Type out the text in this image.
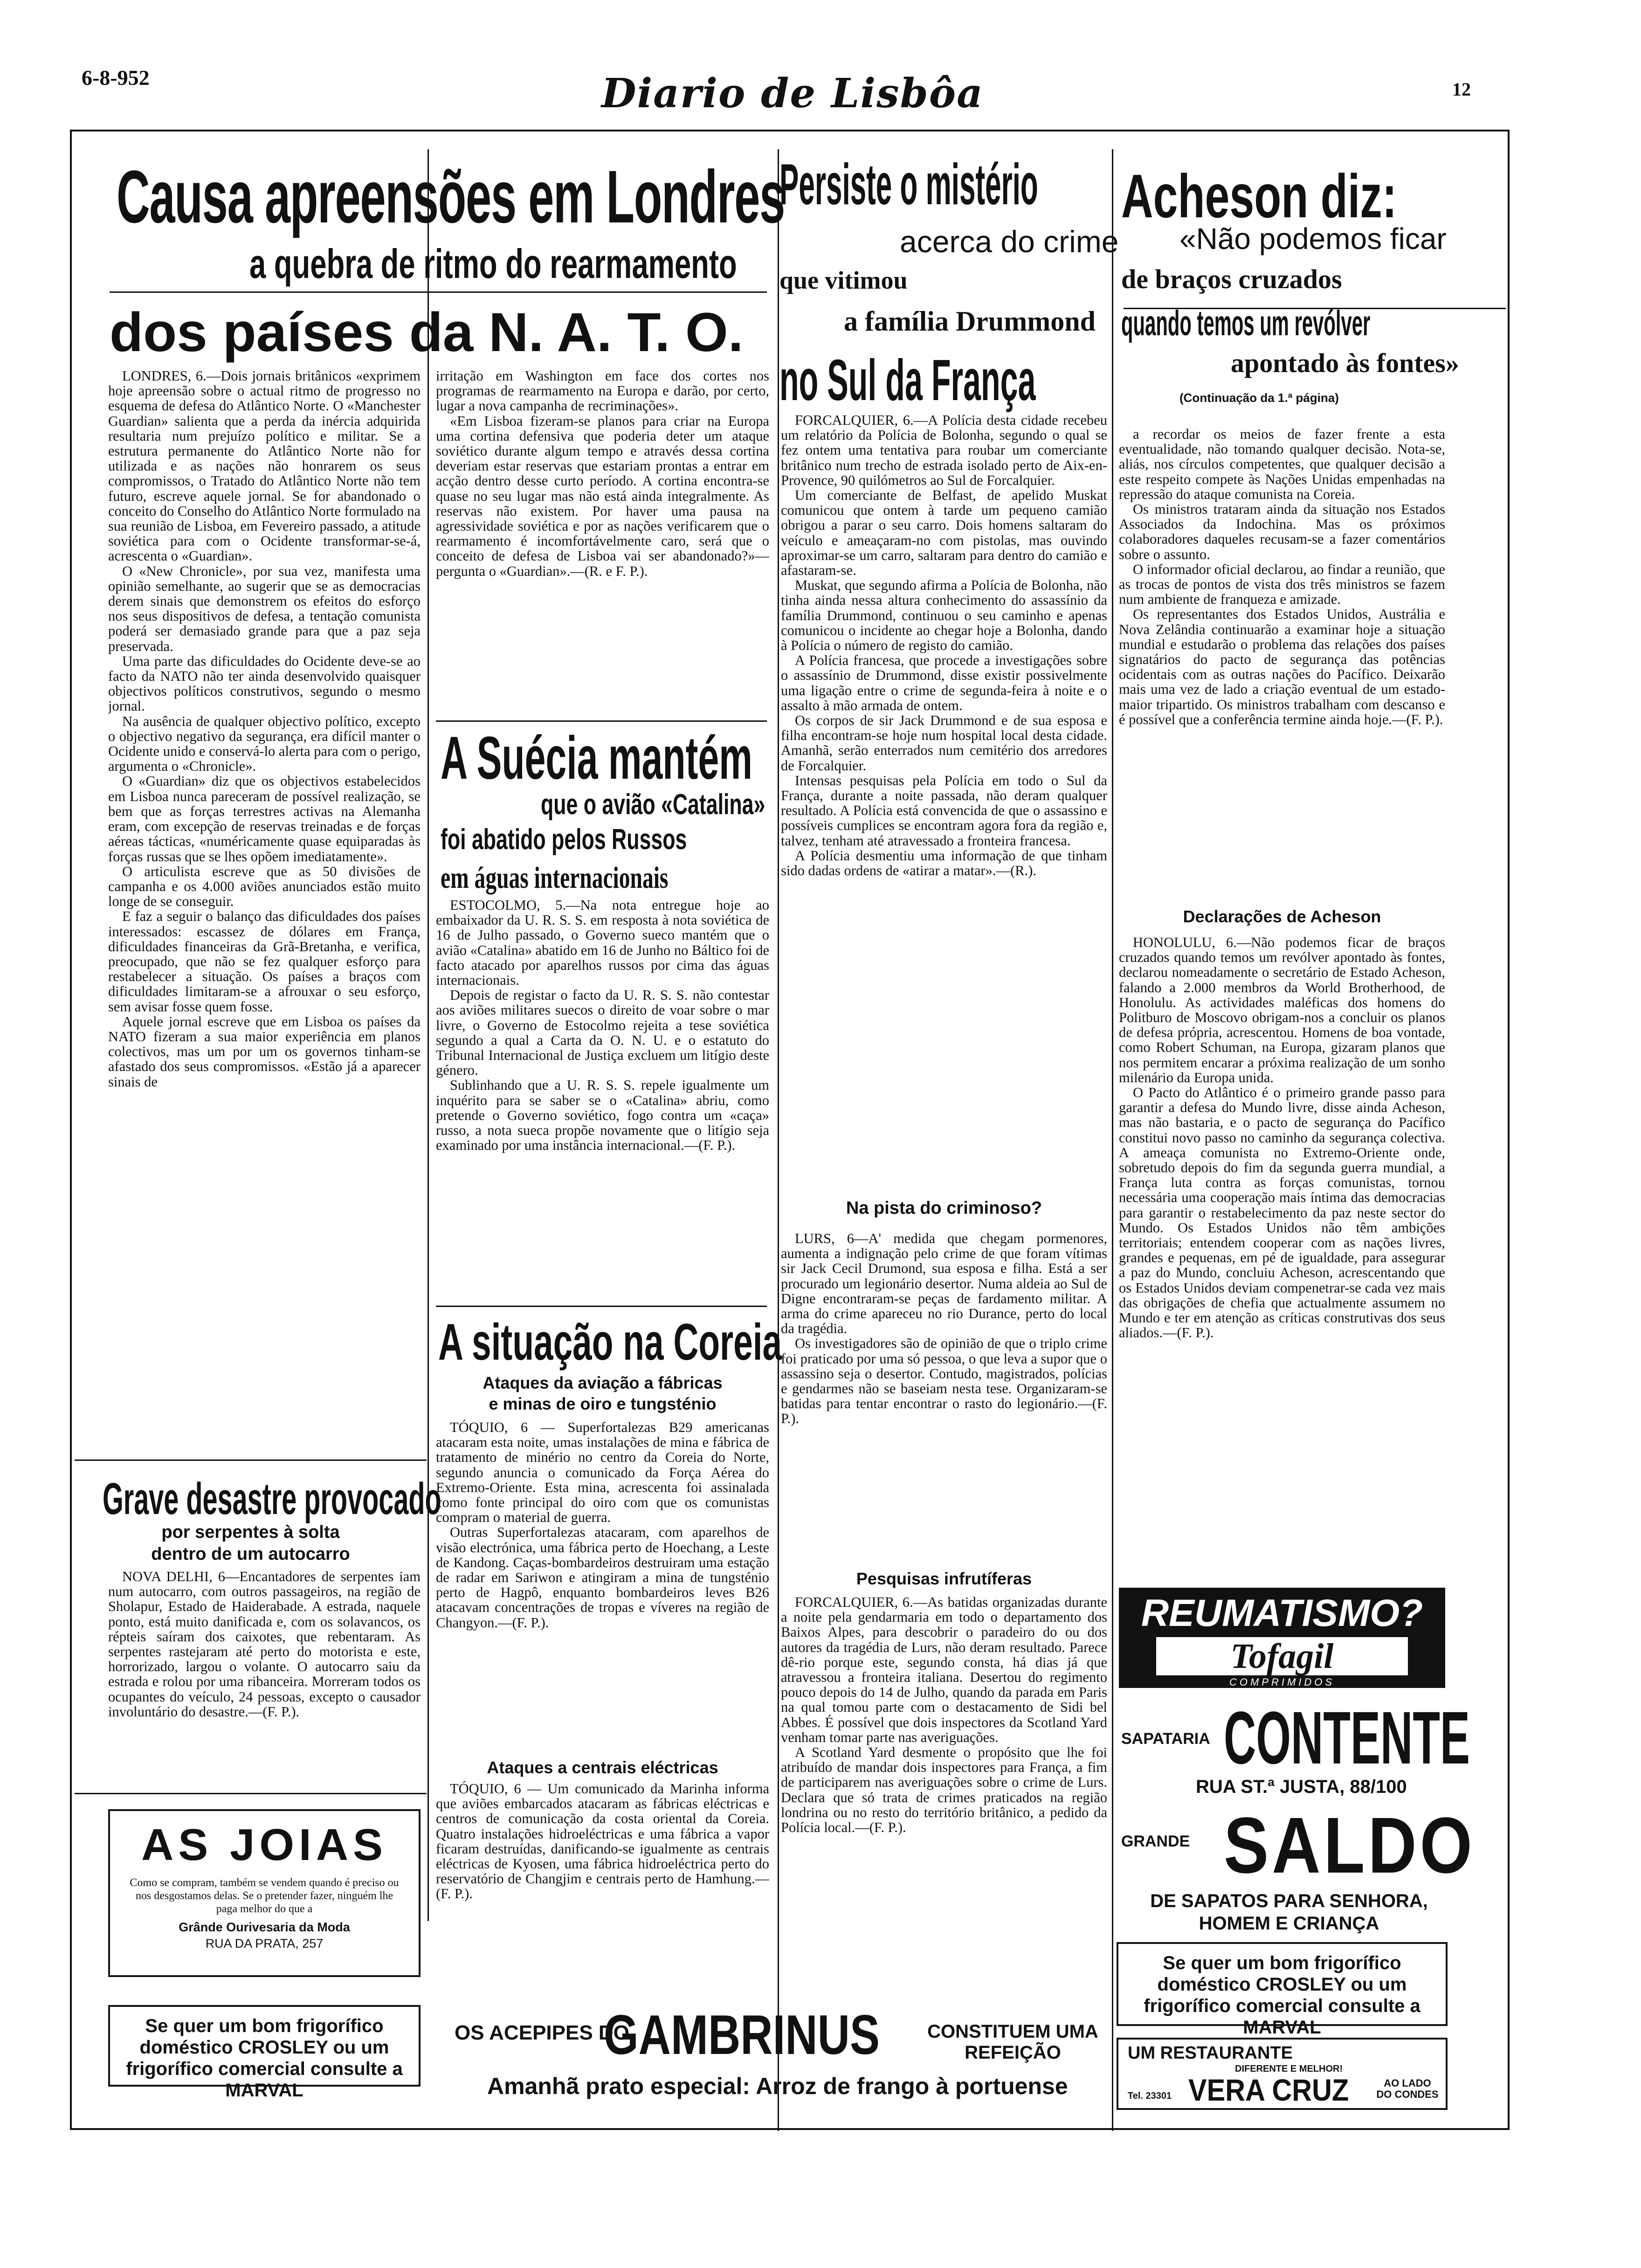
6-8-952	Diario de Lisbôa	12
Causa apreensões em Londres
a quebra de ritmo do rearmamento
dos países da N. A. T. O.

LONDRES, 6.—Dois jornais britânicos «exprimem hoje apreensão sobre o actual ritmo de progresso no esquema de defesa do Atlântico Norte. O «Manchester Guardian» salienta que a perda da inércia adquirida resultaria num prejuízo político e militar. Se a estrutura permanente do Atlântico Norte não for utilizada e as nações não honrarem os seus compromissos, o Tratado do Atlântico Norte não tem futuro, escreve aquele jornal. Se for abandonado o conceito do Conselho do Atlântico Norte formulado na sua reunião de Lisboa, em Fevereiro passado, a atitude soviética para com o Ocidente transformar-se-á, acrescenta o «Guardian».

O «New Chronicle», por sua vez, manifesta uma opinião semelhante, ao sugerir que se as democracias derem sinais que demonstrem os efeitos do esforço nos seus dispositivos de defesa, a tentação comunista poderá ser demasiado grande para que a paz seja preservada.

Uma parte das dificuldades do Ocidente deve-se ao facto da NATO não ter ainda desenvolvido quaisquer objectivos políticos construtivos, segundo o mesmo jornal.

Na ausência de qualquer objectivo político, excepto o objectivo negativo da segurança, era difícil manter o Ocidente unido e conservá-lo alerta para com o perigo, argumenta o «Chronicle».

O «Guardian» diz que os objectivos estabelecidos em Lisboa nunca pareceram de possível realização, se bem que as forças terrestres activas na Alemanha eram, com excepção de reservas treinadas e de forças aéreas tácticas, «numéricamente quase equiparadas às forças russas que se lhes opõem imediatamente».

O articulista escreve que as 50 divisões de campanha e os 4.000 aviões anunciados estão muito longe de se conseguir.

E faz a seguir o balanço das dificuldades dos países interessados: escassez de dólares em França, dificuldades financeiras da Grã-Bretanha, e verifica, preocupado, que não se fez qualquer esforço para restabelecer a situação. Os países a braços com dificuldades limitaram-se a afrouxar o seu esforço, sem avisar fosse quem fosse.

Aquele jornal escreve que em Lisboa os países da NATO fizeram a sua maior experiência em planos colectivos, mas um por um os governos tinham-se afastado dos seus compromissos. «Estão já a aparecer sinais de

irritação em Washington em face dos cortes nos programas de rearmamento na Europa e darão, por certo, lugar a nova campanha de recriminações».

«Em Lisboa fizeram-se planos para criar na Europa uma cortina defensiva que poderia deter um ataque soviético durante algum tempo e através dessa cortina deveriam estar reservas que estariam prontas a entrar em acção dentro desse curto período. A cortina encontra-se quase no seu lugar mas não está ainda integralmente. As reservas não existem. Por haver uma pausa na agressividade soviética e por as nações verificarem que o rearmamento é incomfortávelmente caro, será que o conceito de defesa de Lisboa vai ser abandonado?»—pergunta o «Guardian».—(R. e F. P.).

A Suécia mantém
que o avião «Catalina»
foi abatido pelos Russos
em águas internacionais

ESTOCOLMO, 5.—Na nota entregue hoje ao embaixador da U. R. S. S. em resposta à nota soviética de 16 de Julho passado, o Governo sueco mantém que o avião «Catalina» abatido em 16 de Junho no Báltico foi de facto atacado por aparelhos russos por cima das águas internacionais.

Depois de registar o facto da U. R. S. S. não contestar aos aviões militares suecos o direito de voar sobre o mar livre, o Governo de Estocolmo rejeita a tese soviética segundo a qual a Carta da O. N. U. e o estatuto do Tribunal Internacional de Justiça excluem um litígio deste género.

Sublinhando que a U. R. S. S. repele igualmente um inquérito para se saber se o «Catalina» abriu, como pretende o Governo soviético, fogo contra um «caça» russo, a nota sueca propõe novamente que o litígio seja examinado por uma instância internacional.—(F. P.).

A situação na Coreia
Ataques da aviação a fábricas
e minas de oiro e tungsténio

TÓQUIO, 6 — Superfortalezas B29 americanas atacaram esta noite, umas instalações de mina e fábrica de tratamento de minério no centro da Coreia do Norte, segundo anuncia o comunicado da Força Aérea do Extremo-Oriente. Esta mina, acrescenta foi assinalada como fonte principal do oiro com que os comunistas compram o material de guerra.

Outras Superfortalezas atacaram, com aparelhos de visão electrónica, uma fábrica perto de Hoechang, a Leste de Kandong. Caças-bombardeiros destruiram uma estação de radar em Sariwon e atingiram a mina de tungsténio perto de Hagpô, enquanto bombardeiros leves B26 atacavam concentrações de tropas e víveres na região de Changyon.—(F. P.).

Ataques a centrais eléctricas

TÓQUIO, 6 — Um comunicado da Marinha informa que aviões embarcados atacaram as fábricas eléctricas e centros de comunicação da costa oriental da Coreia. Quatro instalações hidroeléctricas e uma fábrica a vapor ficaram destruídas, danificando-se igualmente as centrais eléctricas de Kyosen, uma fábrica hidroeléctrica perto do reservatório de Changjim e centrais perto de Hamhung.—(F. P.).

Grave desastre provocado
por serpentes à solta
dentro de um autocarro

NOVA DELHI, 6—Encantadores de serpentes iam num autocarro, com outros passageiros, na região de Sholapur, Estado de Haiderabade. A estrada, naquele ponto, está muito danificada e, com os solavancos, os répteis saíram dos caixotes, que rebentaram. As serpentes rastejaram até perto do motorista e este, horrorizado, largou o volante. O autocarro saiu da estrada e rolou por uma ribanceira. Morreram todos os ocupantes do veículo, 24 pessoas, excepto o causador involuntário do desastre.—(F. P.).

AS JOIAS
Como se compram, também se vendem quando é preciso ou nos desgostamos delas. Se o pretender fazer, ninguém lhe paga melhor do que a
Grânde Ourivesaria da Moda
RUA DA PRATA, 257
Se quer um bom frigorífico doméstico CROSLEY ou um frigorífico comercial consulte a MARVAL
OS ACEPIPES DO
GAMBRINUS	CONSTITUEM UMA REFEIÇÃO
Amanhã prato especial: Arroz de frango à portuense
Persiste o mistério
acerca do crime
que vitimou
a família Drummond
no Sul da França

FORCALQUIER, 6.—A Polícia desta cidade recebeu um relatório da Polícia de Bolonha, segundo o qual se fez ontem uma tentativa para roubar um comerciante britânico num trecho de estrada isolado perto de Aix-en-Provence, 90 quilómetros ao Sul de Forcalquier.

Um comerciante de Belfast, de apelido Muskat comunicou que ontem à tarde um pequeno camião obrigou a parar o seu carro. Dois homens saltaram do veículo e ameaçaram-no com pistolas, mas ouvindo aproximar-se um carro, saltaram para dentro do camião e afastaram-se.

Muskat, que segundo afirma a Polícia de Bolonha, não tinha ainda nessa altura conhecimento do assassínio da família Drummond, continuou o seu caminho e apenas comunicou o incidente ao chegar hoje a Bolonha, dando à Polícia o número de registo do camião.

A Polícia francesa, que procede a investigações sobre o assassínio de Drummond, disse existir possivelmente uma ligação entre o crime de segunda-feira à noite e o assalto à mão armada de ontem.

Os corpos de sir Jack Drummond e de sua esposa e filha encontram-se hoje num hospital local desta cidade. Amanhã, serão enterrados num cemitério dos arredores de Forcalquier.

Intensas pesquisas pela Polícia em todo o Sul da França, durante a noite passada, não deram qualquer resultado. A Polícia está convencida de que o assassino e possíveis cumplices se encontram agora fora da região e, talvez, tenham até atravessado a fronteira francesa.

A Polícia desmentiu uma informação de que tinham sido dadas ordens de «atirar a matar».—(R.).

Na pista do criminoso?

LURS, 6—A' medida que chegam pormenores, aumenta a indignação pelo crime de que foram vítimas sir Jack Cecil Drumond, sua esposa e filha. Está a ser procurado um legionário desertor. Numa aldeia ao Sul de Digne encontraram-se peças de fardamento militar. A arma do crime apareceu no rio Durance, perto do local da tragédia.

Os investigadores são de opinião de que o triplo crime foi praticado por uma só pessoa, o que leva a supor que o assassino seja o desertor. Contudo, magistrados, polícias e gendarmes não se baseiam nesta tese. Organizaram-se batidas para tentar encontrar o rasto do legionário.—(F. P.).

Pesquisas infrutíferas

FORCALQUIER, 6.—As batidas organizadas durante a noite pela gendarmaria em todo o departamento dos Baixos Alpes, para descobrir o paradeiro do ou dos autores da tragédia de Lurs, não deram resultado. Parece dê-rio porque este, segundo consta, há dias já que atravessou a fronteira italiana. Desertou do regimento pouco depois do 14 de Julho, quando da parada em Paris na qual tomou parte com o destacamento de Sidi bel Abbes. É possível que dois inspectores da Scotland Yard venham tomar parte nas averiguações.

A Scotland Yard desmente o propósito que lhe foi atribuído de mandar dois inspectores para França, a fim de participarem nas averiguações sobre o crime de Lurs. Declara que só trata de crimes praticados na região londrina ou no resto do território britânico, a pedido da Polícia local.—(F. P.).

Acheson diz:
«Não podemos ficar
de braços cruzados
quando temos um revólver
apontado às fontes»
(Continuação da 1.ª página)

a recordar os meios de fazer frente a esta eventualidade, não tomando qualquer decisão. Nota-se, aliás, nos círculos competentes, que qualquer decisão a este respeito compete às Nações Unidas empenhadas na repressão do ataque comunista na Coreia.

Os ministros trataram ainda da situação nos Estados Associados da Indochina. Mas os próximos colaboradores daqueles recusam-se a fazer comentários sobre o assunto.

O informador oficial declarou, ao findar a reunião, que as trocas de pontos de vista dos três ministros se fazem num ambiente de franqueza e amizade.

Os representantes dos Estados Unidos, Austrália e Nova Zelândia continuarão a examinar hoje a situação mundial e estudarão o problema das relações dos países signatários do pacto de segurança das potências ocidentais com as outras nações do Pacífico. Deixarão mais uma vez de lado a criação eventual de um estado-maior tripartido. Os ministros trabalham com descanso e é possível que a conferência termine ainda hoje.—(F. P.).

Declarações de Acheson

HONOLULU, 6.—Não podemos ficar de braços cruzados quando temos um revólver apontado às fontes, declarou nomeadamente o secretário de Estado Acheson, falando a 2.000 membros da World Brotherhood, de Honolulu. As actividades maléficas dos homens do Politburo de Moscovo obrigam-nos a concluir os planos de defesa própria, acrescentou. Homens de boa vontade, como Robert Schuman, na Europa, gizaram planos que nos permitem encarar a próxima realização de um sonho milenário da Europa unida.

O Pacto do Atlântico é o primeiro grande passo para garantir a defesa do Mundo livre, disse ainda Acheson, mas não bastaria, e o pacto de segurança do Pacífico constitui novo passo no caminho da segurança colectiva. A ameaça comunista no Extremo-Oriente onde, sobretudo depois do fim da segunda guerra mundial, a França luta contra as forças comunistas, tornou necessária uma cooperação mais íntima das democracias para garantir o restabelecimento da paz neste sector do Mundo. Os Estados Unidos não têm ambições territoriais; entendem cooperar com as nações livres, grandes e pequenas, em pé de igualdade, para assegurar a paz do Mundo, concluiu Acheson, acrescentando que os Estados Unidos deviam compenetrar-se cada vez mais das obrigações de chefia que actualmente assumem no Mundo e ter em atenção as críticas construtivas dos seus aliados.—(F. P.).

REUMATISMO?
Tofagil
COMPRIMIDOS
SAPATARIA CONTENTE
RUA ST.ª JUSTA, 88/100
GRANDE SALDO
DE SAPATOS PARA SENHORA,
HOMEM E CRIANÇA
Se quer um bom frigorífico doméstico CROSLEY ou um frigorífico comercial consulte a MARVAL
UM RESTAURANTE
DIFERENTE E MELHOR!
Tel. 23301 VERA CRUZ	AO LADO DO CONDES
